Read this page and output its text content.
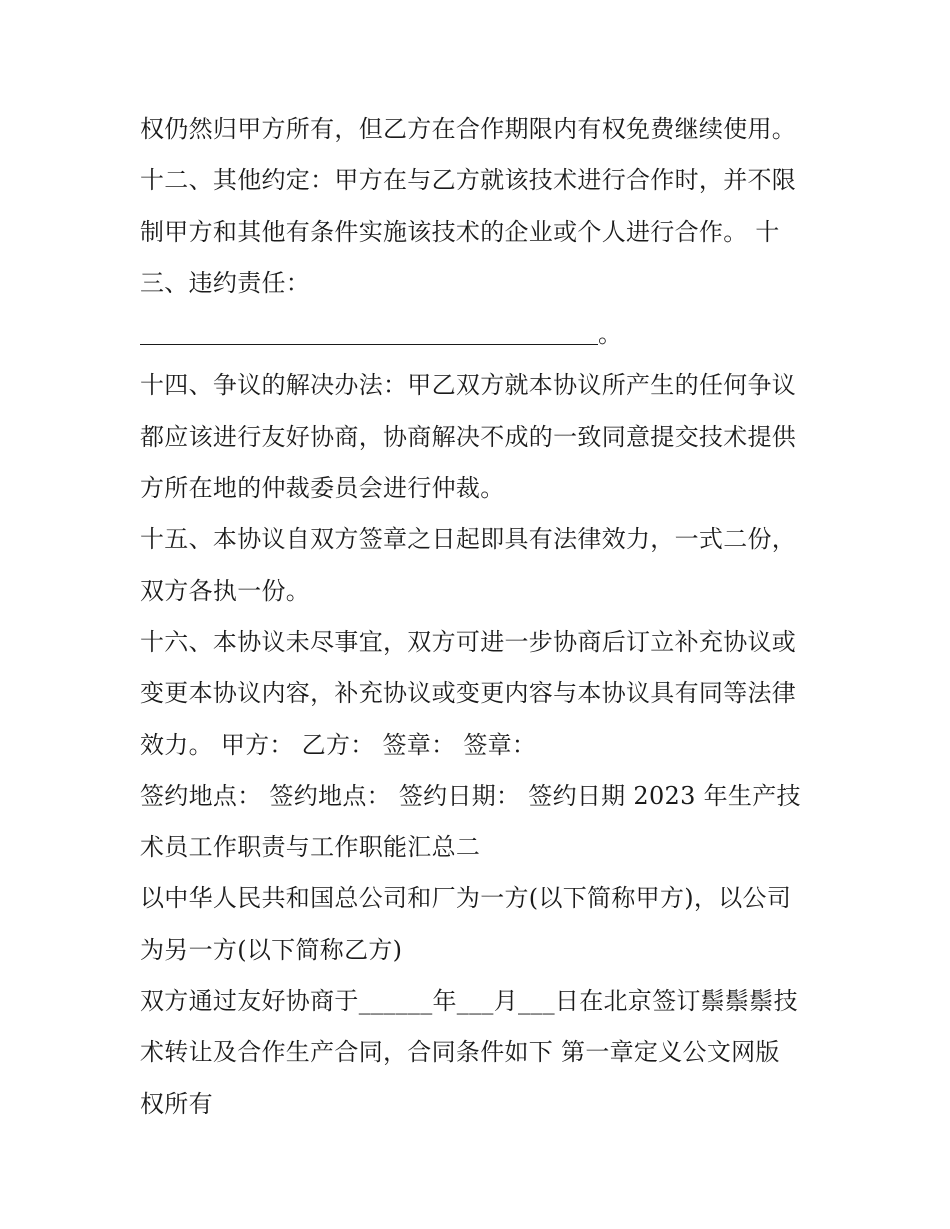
权仍然归甲方所有，但乙方在合作期限内有权免费继续使用。
十二、其他约定：甲方在与乙方就该技术进行合作时，并不限
制甲方和其他有条件实施该技术的企业或个人进行合作。 十
三、违约责任：
。
十四、争议的解决办法：甲乙双方就本协议所产生的任何争议
都应该进行友好协商，协商解决不成的一致同意提交技术提供
方所在地的仲裁委员会进行仲裁。
十五、本协议自双方签章之日起即具有法律效力，一式二份，
双方各执一份。
十六、本协议未尽事宜，双方可进一步协商后订立补充协议或
变更本协议内容，补充协议或变更内容与本协议具有同等法律
效力。 甲方： 乙方： 签章： 签章：
签约地点： 签约地点： 签约日期： 签约日期 2023 年生产技
术员工作职责与工作职能汇总二
以中华人民共和国总公司和厂为一方(以下简称甲方)，以公司
为另一方(以下简称乙方)
双方通过友好协商于______年___月___日在北京签订鬃鬃鬃技
术转让及合作生产合同，合同条件如下 第一章定义公文网版
权所有
